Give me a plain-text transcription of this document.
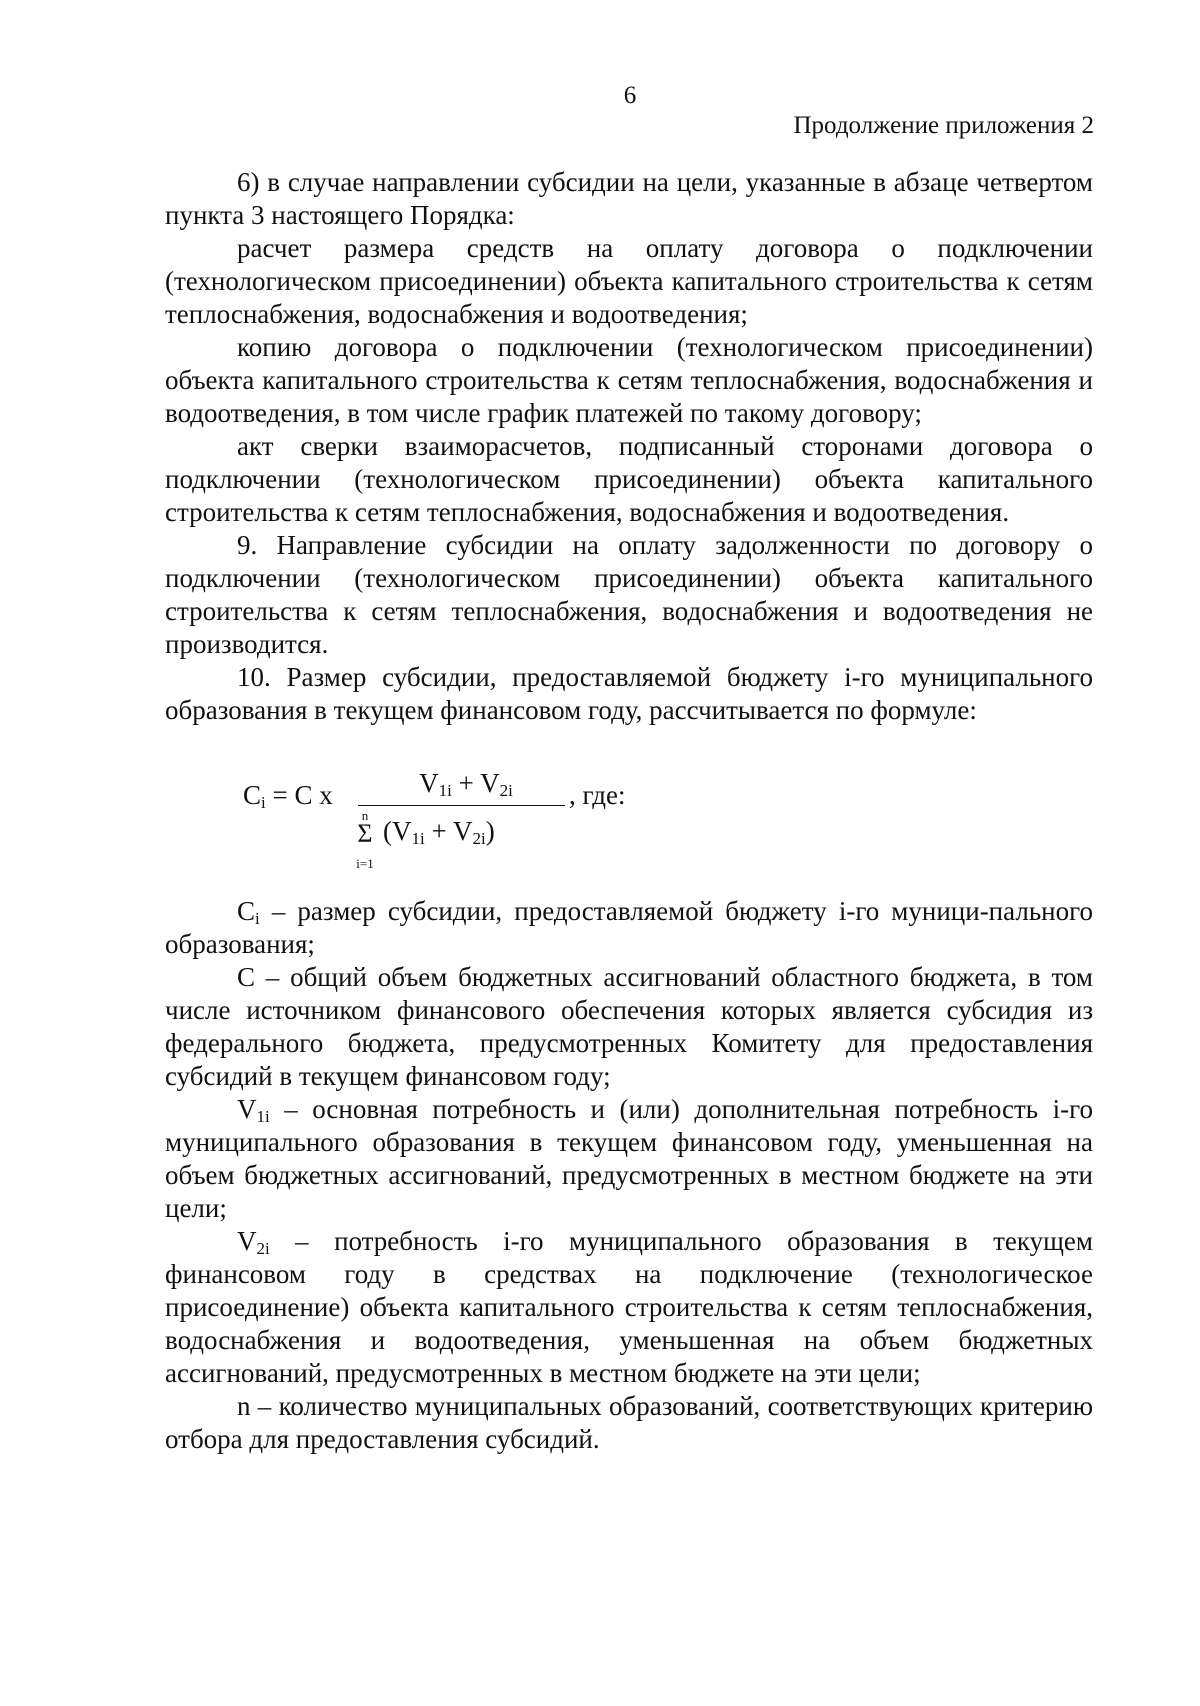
6
Продолжение приложения 2

6) в случае направлении субсидии на цели, указанные в абзаце четвертом пункта 3 настоящего Порядка:

расчет размера средств на оплату договора о подключении (технологическом присоединении) объекта капитального строительства к сетям теплоснабжения, водоснабжения и водоотведения;

копию договора о подключении (технологическом присоединении) объекта капитального строительства к сетям теплоснабжения, водоснабжения и водоотведения, в том числе график платежей по такому договору;

акт сверки взаиморасчетов, подписанный сторонами договора о подключении (технологическом присоединении) объекта капитального строительства к сетям теплоснабжения, водоснабжения и водоотведения.

9. Направление субсидии на оплату задолженности по договору о подключении (технологическом присоединении) объекта капитального строительства к сетям теплоснабжения, водоснабжения и водоотведения не производится.

10. Размер субсидии, предоставляемой бюджету i-го муниципального образования в текущем финансовом году, рассчитывается по формуле:

$C_i = C$ x	$V_{1i} + V_{2i}$	, где:
n
Σ
i=1
$(V_{1i} + V_{2i})$

$C_i$ – размер субсидии, предоставляемой бюджету i-го муници-пального образования;

С – общий объем бюджетных ассигнований областного бюджета, в том числе источником финансового обеспечения которых является субсидия из федерального бюджета, предусмотренных Комитету для предоставления субсидий в текущем финансовом году;

$V_{1i}$ – основная потребность и (или) дополнительная потребность i-го муниципального образования в текущем финансовом году, уменьшенная на объем бюджетных ассигнований, предусмотренных в местном бюджете на эти цели;

$V_{2i}$ – потребность i-го муниципального образования в текущем финансовом году в средствах на подключение (технологическое присоединение) объекта капитального строительства к сетям теплоснабжения, водоснабжения и водоотведения, уменьшенная на объем бюджетных ассигнований, предусмотренных в местном бюджете на эти цели;

n – количество муниципальных образований, соответствующих критерию отбора для предоставления субсидий.
